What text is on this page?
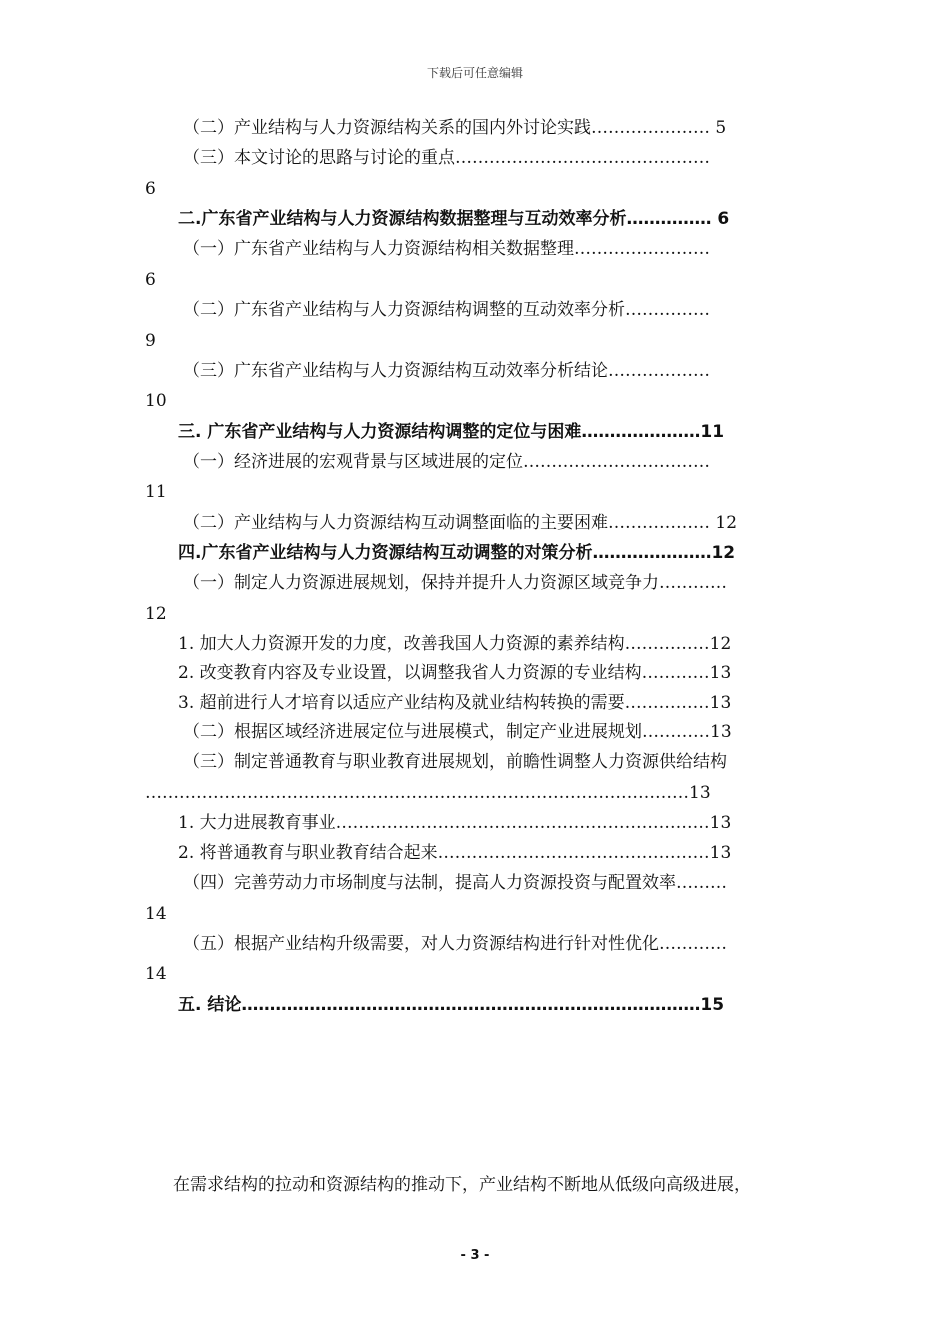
下载后可任意编辑
（二）产业结构与人力资源结构关系的国内外讨论实践………………… 5
（三）本文讨论的思路与讨论的重点………………………………………
6
二.广东省产业结构与人力资源结构数据整理与互动效率分析…………… 6
（一）广东省产业结构与人力资源结构相关数据整理……………………
6
（二）广东省产业结构与人力资源结构调整的互动效率分析……………
9
（三）广东省产业结构与人力资源结构互动效率分析结论………………
10
三. 广东省产业结构与人力资源结构调整的定位与困难…………………11
（一）经济进展的宏观背景与区域进展的定位……………………………
11
（二）产业结构与人力资源结构互动调整面临的主要困难……………… 12
四.广东省产业结构与人力资源结构互动调整的对策分析…………………12
（一）制定人力资源进展规划，保持并提升人力资源区域竞争力…………
12
1. 加大人力资源开发的力度，改善我国人力资源的素养结构……………12
2. 改变教育内容及专业设置，以调整我省人力资源的专业结构…………13
3. 超前进行人才培育以适应产业结构及就业结构转换的需要……………13
（二）根据区域经济进展定位与进展模式，制定产业进展规划…………13
（三）制定普通教育与职业教育进展规划，前瞻性调整人力资源供给结构
……………………………………………………………………………………13
1. 大力进展教育事业…………………………………………………………13
2. 将普通教育与职业教育结合起来…………………………………………13
（四）完善劳动力市场制度与法制，提高人力资源投资与配置效率………
14
（五）根据产业结构升级需要，对人力资源结构进行针对性优化…………
14
五. 结论………………………………………………………………………15
在需求结构的拉动和资源结构的推动下，产业结构不断地从低级向高级进展，
- 3 -
